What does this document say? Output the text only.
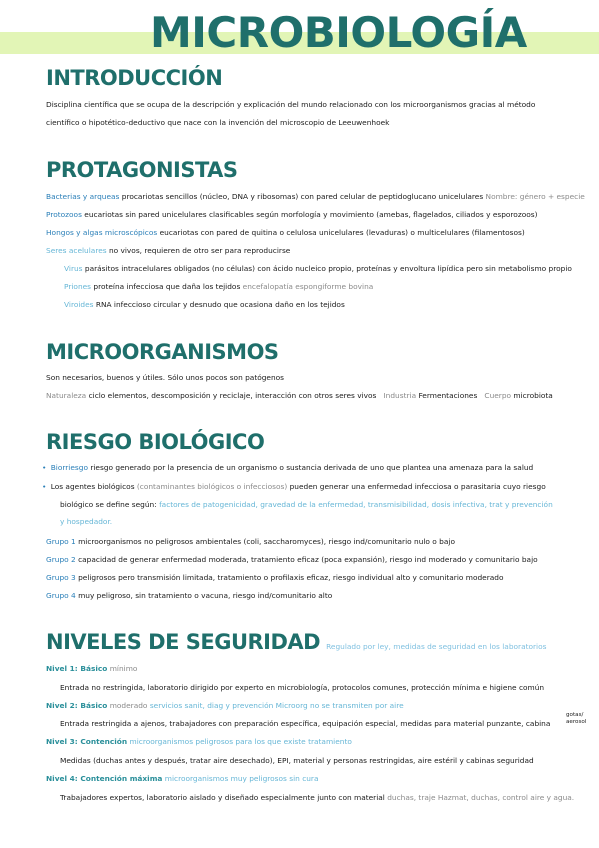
MICROBIOLOGÍA
INTRODUCCIÓN
Disciplina científica que se ocupa de la descripción y explicación del mundo relacionado con los microorganismos gracias al método
científico o hipotético-deductivo que nace con la invención del microscopio de Leeuwenhoek
PROTAGONISTAS
Bacterias y arqueas procariotas sencillos (núcleo, DNA y ribosomas) con pared celular de peptidoglucano unicelulares Nombre: género + especie
Protozoos eucariotas sin pared unicelulares clasificables según morfología y movimiento (amebas, flagelados, ciliados y esporozoos)
Hongos y algas microscópicos eucariotas con pared de quitina o celulosa unicelulares (levaduras) o multicelulares (filamentosos)
Seres acelulares no vivos, requieren de otro ser para reproducirse
Virus parásitos intracelulares obligados (no células) con ácido nucleico propio, proteínas y envoltura lipídica pero sin metabolismo propio
Priones proteína infecciosa que daña los tejidos encefalopatía espongiforme bovina
Viroides RNA infeccioso circular y desnudo que ocasiona daño en los tejidos
MICROORGANISMOS
Son necesarios, buenos y útiles. Sólo unos pocos son patógenos
Naturaleza ciclo elementos, descomposición y reciclaje, interacción con otros seres vivos Industria Fermentaciones Cuerpo microbiota
RIESGO BIOLÓGICO
• Biorriesgo riesgo generado por la presencia de un organismo o sustancia derivada de uno que plantea una amenaza para la salud
• Los agentes biológicos (contaminantes biológicos o infecciosos) pueden generar una enfermedad infecciosa o parasitaria cuyo riesgo
biológico se define según: factores de patogenicidad, gravedad de la enfermedad, transmisibilidad, dosis infectiva, trat y prevención
y hospedador.
Grupo 1 microorganismos no peligrosos ambientales (coli, saccharomyces), riesgo ind/comunitario nulo o bajo
Grupo 2 capacidad de generar enfermedad moderada, tratamiento eficaz (poca expansión), riesgo ind moderado y comunitario bajo
Grupo 3 peligrosos pero transmisión limitada, tratamiento o profilaxis eficaz, riesgo individual alto y comunitario moderado
Grupo 4 muy peligroso, sin tratamiento o vacuna, riesgo ind/comunitario alto
NIVELES DE SEGURIDAD Regulado por ley, medidas de seguridad en los laboratorios
Nivel 1: Básico mínimo
Entrada no restringida, laboratorio dirigido por experto en microbiología, protocolos comunes, protección mínima e higiene común
Nivel 2: Básico moderado servicios sanit, diag y prevención Microorg no se transmiten por aire
Entrada restringida a ajenos, trabajadores con preparación específica, equipación especial, medidas para material punzante, cabina
gotas/
aerosol
Nivel 3: Contención microorganismos peligrosos para los que existe tratamiento
Medidas (duchas antes y después, tratar aire desechado), EPI, material y personas restringidas, aire estéril y cabinas seguridad
Nivel 4: Contención máxima microorganismos muy peligrosos sin cura
Trabajadores expertos, laboratorio aislado y diseñado especialmente junto con material duchas, traje Hazmat, duchas, control aire y agua.
